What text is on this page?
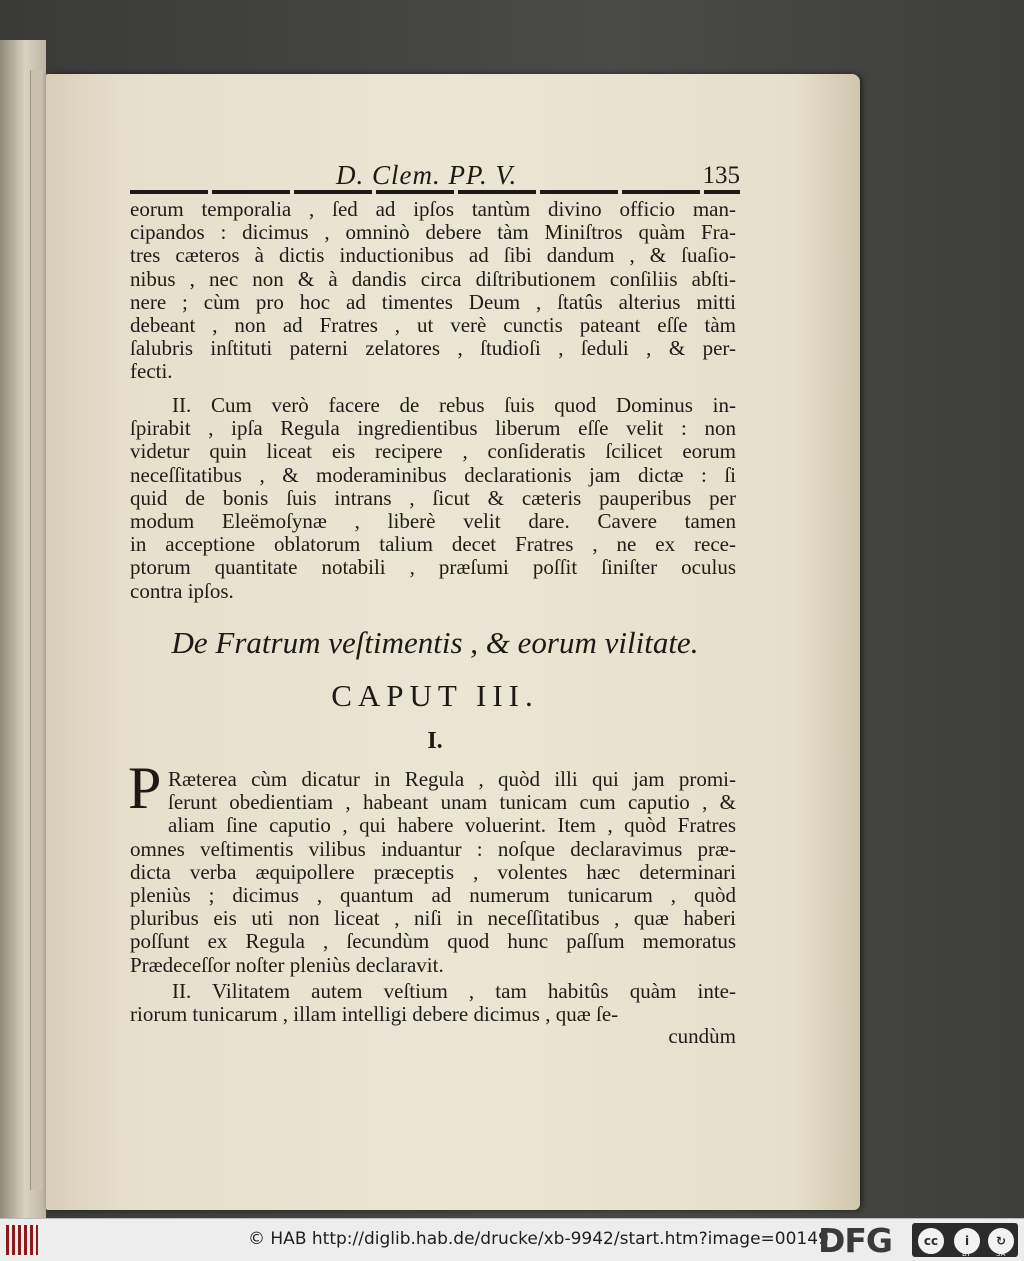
D. Clem. PP. V.	135
eorum temporalia , ſed ad ipſos tantùm divino officio man-
cipandos : dicimus , omninò debere tàm Miniſtros quàm Fra-
tres cæteros à dictis inductionibus ad ſibi dandum , & ſuaſio-
nibus , nec non & à dandis circa diſtributionem conſiliis abſti-
nere ; cùm pro hoc ad timentes Deum , ſtatûs alterius mitti
debeant , non ad Fratres , ut verè cunctis pateant eſſe tàm
ſalubris inſtituti paterni zelatores , ſtudioſi , ſeduli , & per-
fecti.
II. Cum verò facere de rebus ſuis quod Dominus in-
ſpirabit , ipſa Regula ingredientibus liberum eſſe velit : non
videtur quin liceat eis recipere , conſideratis ſcilicet eorum
neceſſitatibus , & moderaminibus declarationis jam dictæ : ſi
quid de bonis ſuis intrans , ſicut & cæteris pauperibus per
modum Eleëmoſynæ , liberè velit dare. Cavere tamen
in acceptione oblatorum talium decet Fratres , ne ex rece-
ptorum quantitate notabili , præſumi poſſit ſiniſter oculus
contra ipſos.
De Fratrum veſtimentis , & eorum vilitate.
CAPUT III.
I.
P Ræterea cùm dicatur in Regula , quòd illi qui jam promi-
ſerunt obedientiam , habeant unam tunicam cum caputio , &
aliam ſine caputio , qui habere voluerint. Item , quòd Fratres
omnes veſtimentis vilibus induantur : noſque declaravimus præ-
dicta verba æquipollere præceptis , volentes hæc determinari
pleniùs ; dicimus , quantum ad numerum tunicarum , quòd
pluribus eis uti non liceat , niſi in neceſſitatibus , quæ haberi
poſſunt ex Regula , ſecundùm quod hunc paſſum memoratus
Prædeceſſor noſter pleniùs declaravit.
II. Vilitatem autem veſtium , tam habitûs quàm inte-
riorum tunicarum , illam intelligi debere dicimus , quæ ſe-
cundùm
© HAB http://diglib.hab.de/drucke/xb-9942/start.htm?image=00149
DFG	cc	i	↻
BY	SA
